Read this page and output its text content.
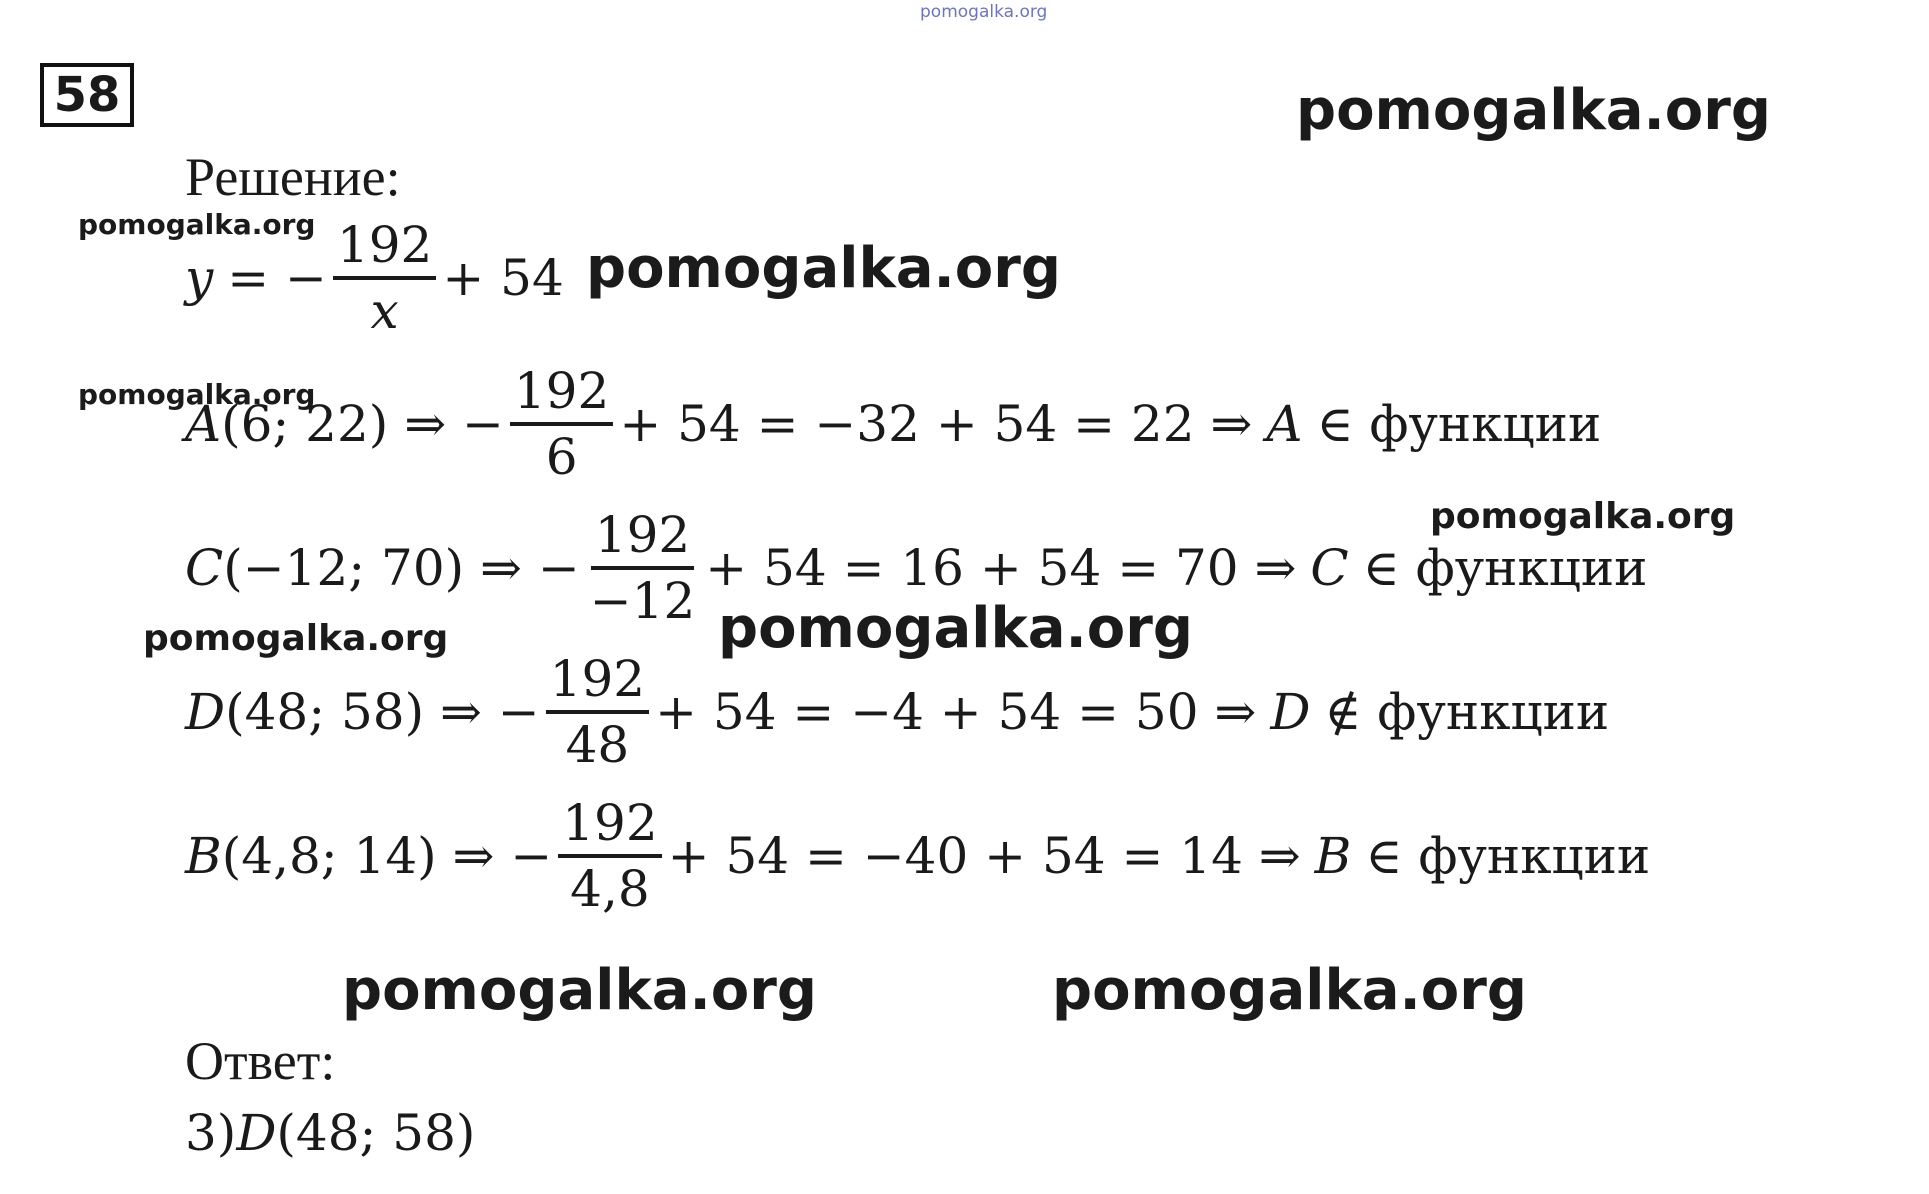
pomogalka.org
pomogalka.org
pomogalka.org
pomogalka.org
pomogalka.org
pomogalka.org
pomogalka.org	pomogalka.org
pomogalka.org	pomogalka.org
58
Решение:
y = − $\frac{192}{x} + 54$
A (6; 22) ⇒ − $\frac{192}{6} + 54 = -32 + 54 = 22$ ⇒ A ∈ функции
C (−12; 70) ⇒ − $\frac{192}{-12} + 54 = 16 + 54 = 70$ ⇒ C ∈ функции
D (48; 58) ⇒ − $\frac{192}{48} + 54 = -4 + 54 = 50$ ⇒ D ∉ функции
B (4,8; 14) ⇒ − $\frac{192}{4,8} + 54 = -40 + 54 = 14$ ⇒ B ∈ функции
Ответ:
3) D (48; 58)
